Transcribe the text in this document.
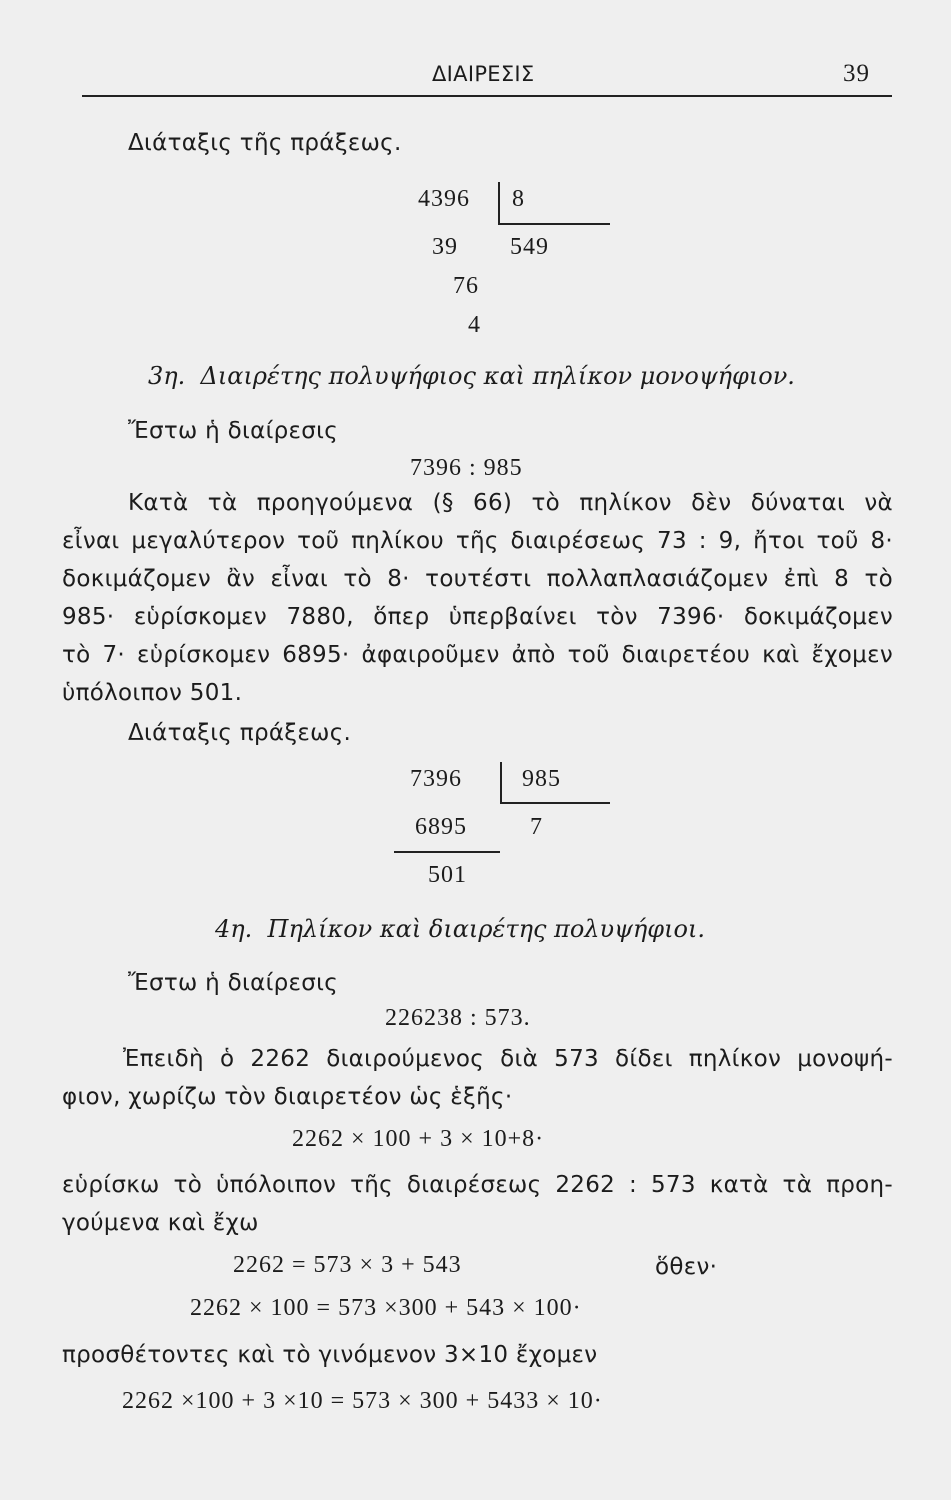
ΔΙΑΙΡΕΣΙΣ	39
Διάταξις τῆς πράξεως.
4396 8
39 549
76
4
3η.  Διαιρέτης πολυψήφιος καὶ πηλίκον μονοψήφιον.
Ἔστω ἡ διαίρεσις
7396 : 985
Κατὰ τὰ προηγούμενα (§ 66) τὸ πηλίκον δὲν δύναται νὰ
εἶναι μεγαλύτερον τοῦ πηλίκου τῆς διαιρέσεως 73 : 9, ἤτοι τοῦ 8·
δοκιμάζομεν ἂν εἶναι τὸ 8· τουτέστι πολλαπλασιάζομεν ἐπὶ 8 τὸ
985· εὑρίσκομεν 7880, ὅπερ ὑπερβαίνει τὸν 7396· δοκιμάζομεν
τὸ 7· εὑρίσκομεν 6895· ἀφαιροῦμεν ἀπὸ τοῦ διαιρετέου καὶ ἔχομεν
ὑπόλοιπον 501.
Διάταξις πράξεως.
7396	985
6895	7
501
4η.  Πηλίκον καὶ διαιρέτης πολυψήφιοι.
Ἔστω ἡ διαίρεσις
226238 : 573.
Ἐπειδὴ ὁ 2262 διαιρούμενος διὰ 573 δίδει πηλίκον μονοψή-
φιον, χωρίζω τὸν διαιρετέον ὡς ἑξῆς·
2262 × 100 + 3 × 10+8·
εὑρίσκω τὸ ὑπόλοιπον τῆς διαιρέσεως 2262 : 573 κατὰ τὰ προη-
γούμενα καὶ ἔχω
2262 = 573 × 3 + 543	ὅθεν·
2262 × 100 = 573 ×300 + 543 × 100·
προσθέτοντες καὶ τὸ γινόμενον 3×10 ἔχομεν
2262 ×100 + 3 ×10 = 573 × 300 + 5433 × 10·
